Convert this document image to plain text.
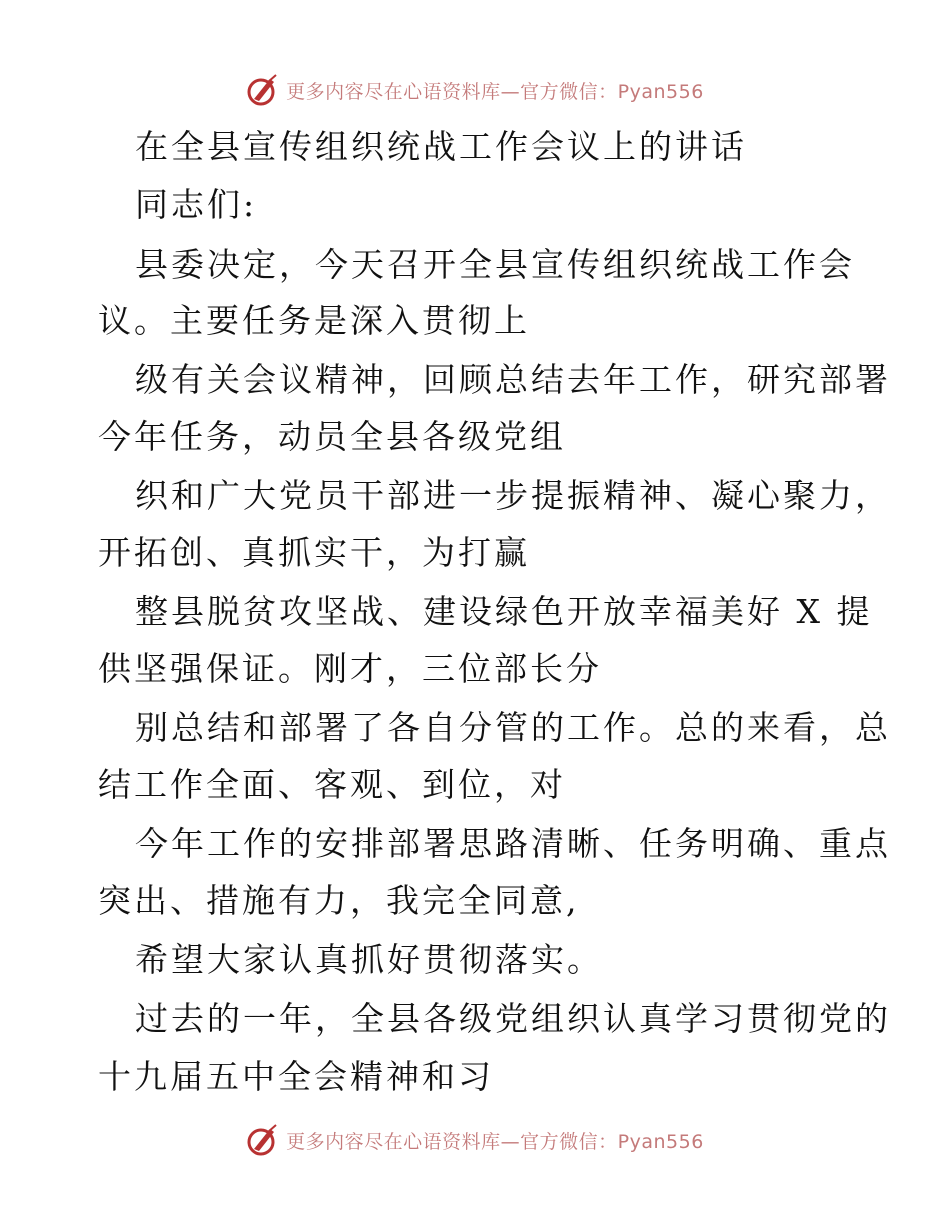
更多内容尽在心语资料库—官方微信：Pyan556
在全县宣传组织统战工作会议上的讲话
同志们:
县委决定，今天召开全县宣传组织统战工作会
议。主要任务是深入贯彻上
级有关会议精神，回顾总结去年工作，研究部署
今年任务，动员全县各级党组
织和广大党员干部进一步提振精神、凝心聚力，
开拓创、真抓实干，为打赢
整县脱贫攻坚战、建设绿色开放幸福美好 X 提
供坚强保证。刚才，三位部长分
别总结和部署了各自分管的工作。总的来看，总
结工作全面、客观、到位，对
今年工作的安排部署思路清晰、任务明确、重点
突出、措施有力，我完全同意,
希望大家认真抓好贯彻落实。
过去的一年，全县各级党组织认真学习贯彻党的
十九届五中全会精神和习
更多内容尽在心语资料库—官方微信：Pyan556
